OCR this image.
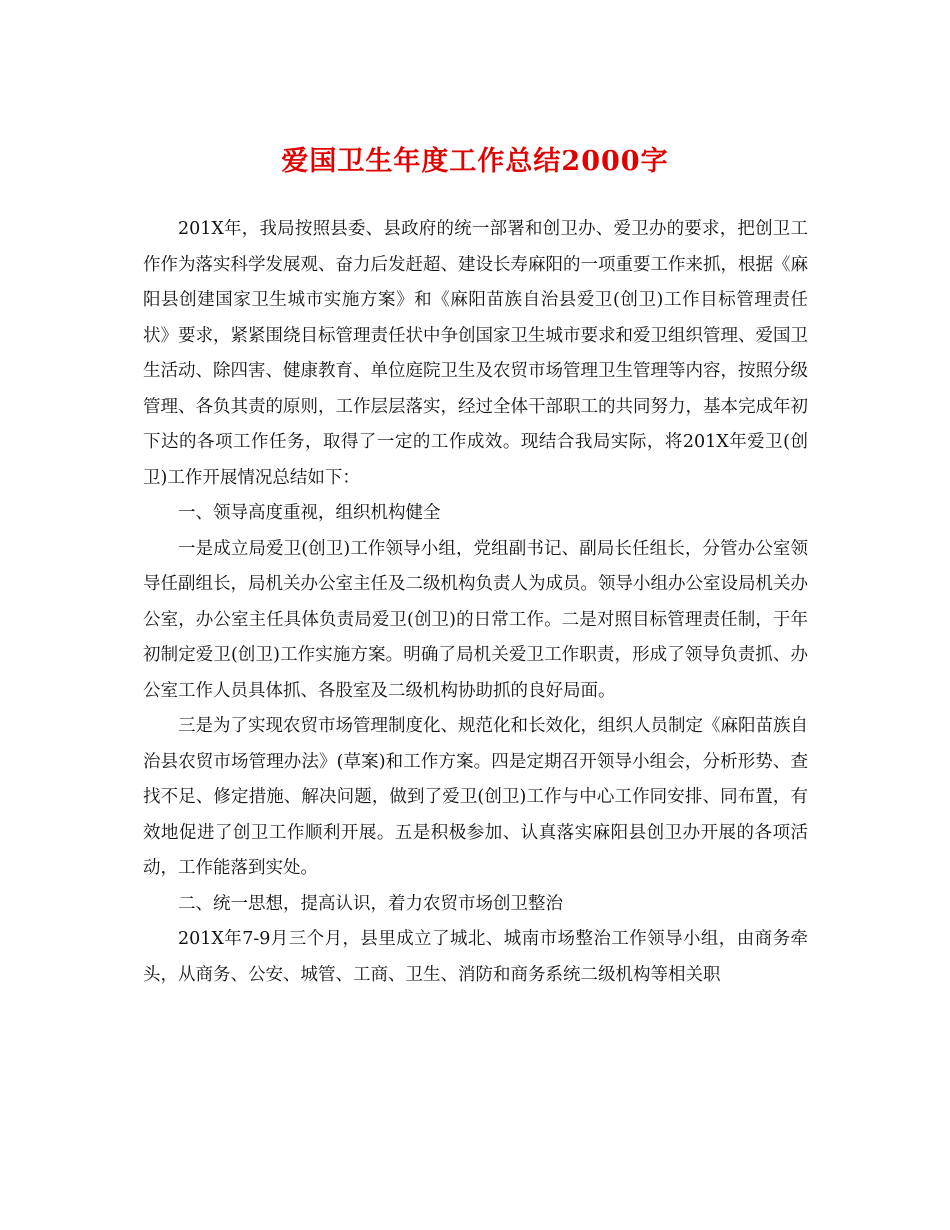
爱国卫生年度工作总结2000字

201X年，我局按照县委、县政府的统一部署和创卫办、爱卫办的要求，把创卫工作作为落实科学发展观、奋力后发赶超、建设长寿麻阳的一项重要工作来抓，根据《麻阳县创建国家卫生城市实施方案》和《麻阳苗族自治县爱卫(创卫)工作目标管理责任状》要求，紧紧围绕目标管理责任状中争创国家卫生城市要求和爱卫组织管理、爱国卫生活动、除四害、健康教育、单位庭院卫生及农贸市场管理卫生管理等内容，按照分级管理、各负其责的原则，工作层层落实，经过全体干部职工的共同努力，基本完成年初下达的各项工作任务，取得了一定的工作成效。现结合我局实际，将201X年爱卫(创卫)工作开展情况总结如下：

一、领导高度重视，组织机构健全

一是成立局爱卫(创卫)工作领导小组，党组副书记、副局长任组长，分管办公室领导任副组长，局机关办公室主任及二级机构负责人为成员。领导小组办公室设局机关办公室，办公室主任具体负责局爱卫(创卫)的日常工作。二是对照目标管理责任制，于年初制定爱卫(创卫)工作实施方案。明确了局机关爱卫工作职责，形成了领导负责抓、办公室工作人员具体抓、各股室及二级机构协助抓的良好局面。

三是为了实现农贸市场管理制度化、规范化和长效化，组织人员制定《麻阳苗族自治县农贸市场管理办法》(草案)和工作方案。四是定期召开领导小组会，分析形势、查找不足、修定措施、解决问题，做到了爱卫(创卫)工作与中心工作同安排、同布置，有效地促进了创卫工作顺利开展。五是积极参加、认真落实麻阳县创卫办开展的各项活动，工作能落到实处。

二、统一思想，提高认识，着力农贸市场创卫整治

201X年7-9月三个月，县里成立了城北、城南市场整治工作领导小组，由商务牵头，从商务、公安、城管、工商、卫生、消防和商务系统二级机构等相关职
